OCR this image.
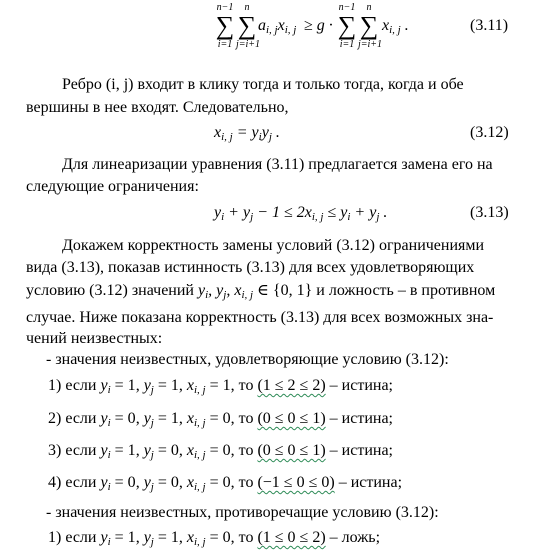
n−1
∑
i=1
n
∑
j=i+1
$a_{i, j}x_{i, j} \ge g$ ·
n−1
∑
i=1
n
∑
j=i+1
$x_{i, j}$ .	(3.11)
Ребро (i, j) входит в клику тогда и только тогда, когда и обе
вершины в нее входят. Следовательно,
$x_{i, j} = y_iy_j$ .	(3.12)
Для линеаризации уравнения (3.11) предлагается замена его на
следующие ограничения:
$y_i + y_j - 1 \le 2x_{i, j} \le y_i + y_j$ .	(3.13)
Докажем корректность замены условий (3.12) ограничениями
вида (3.13), показав истинность (3.13) для всех удовлетворяющих
условию (3.12) значений $y_i$, $y_j$, $x_{i, j}$ ∈ {0, 1} и ложность – в противном
случае. Ниже показана корректность (3.13) для всех возможных зна-
чений неизвестных:
- значения неизвестных, удовлетворяющие условию (3.12):
1) если $y_i = 1$, $y_j = 1$, $x_{i, j} = 1$, то (1 ≤ 2 ≤ 2) – истина;
2) если $y_i = 0$, $y_j = 1$, $x_{i, j} = 0$, то (0 ≤ 0 ≤ 1) – истина;
3) если $y_i = 1$, $y_j = 0$, $x_{i, j} = 0$, то (0 ≤ 0 ≤ 1) – истина;
4) если $y_i = 0$, $y_j = 0$, $x_{i, j} = 0$, то (−1 ≤ 0 ≤ 0) – истина;
- значения неизвестных, противоречащие условию (3.12):
1) если $y_i = 1$, $y_j = 1$, $x_{i, j} = 0$, то (1 ≤ 0 ≤ 2) – ложь;
